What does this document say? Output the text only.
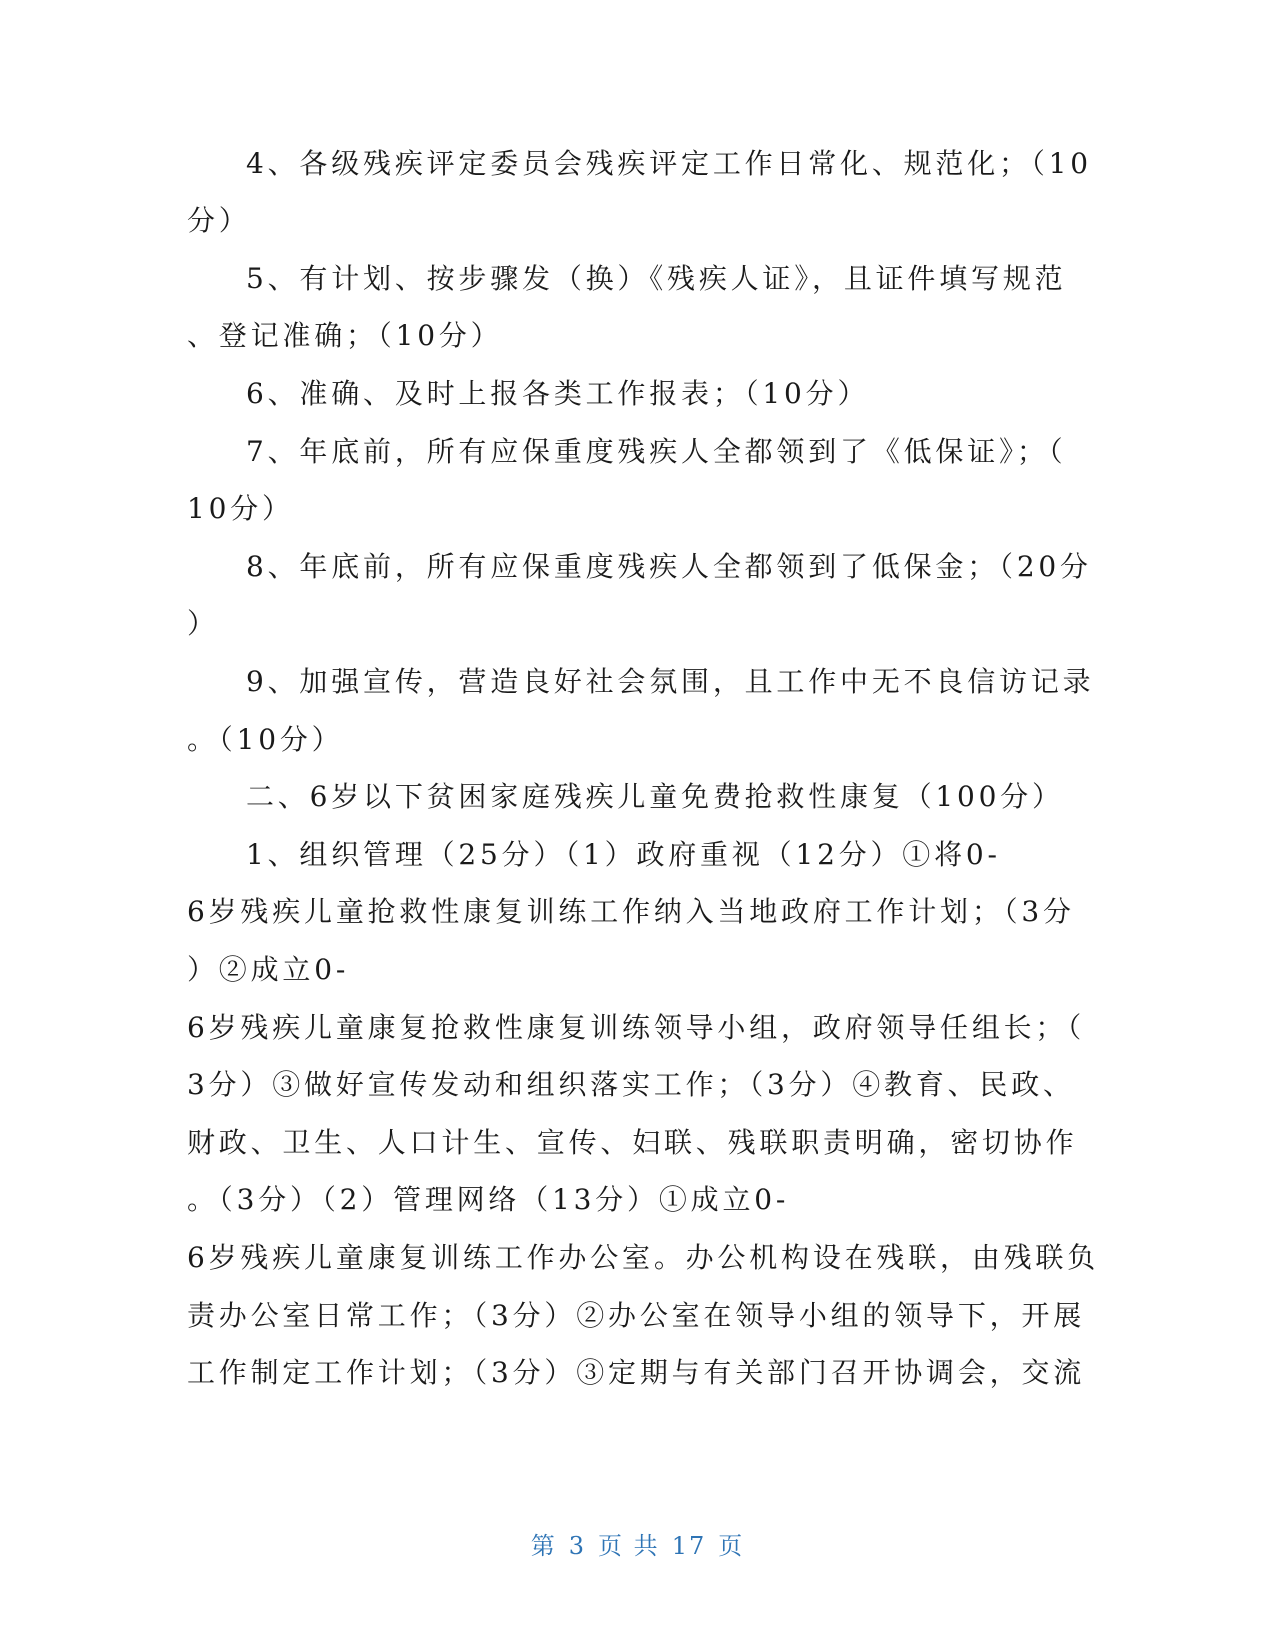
4、各级残疾评定委员会残疾评定工作日常化、规范化；（10
分）
5、有计划、按步骤发（换）《残疾人证》，且证件填写规范
、登记准确；（10分）
6、准确、及时上报各类工作报表；（10分）
7、年底前，所有应保重度残疾人全都领到了《低保证》；（
10分）
8、年底前，所有应保重度残疾人全都领到了低保金；（20分
）
9、加强宣传，营造良好社会氛围，且工作中无不良信访记录
。（10分）
二、6岁以下贫困家庭残疾儿童免费抢救性康复（100分）
1、组织管理（25分）（1）政府重视（12分）①将0-
6岁残疾儿童抢救性康复训练工作纳入当地政府工作计划；（3分
）②成立0-
6岁残疾儿童康复抢救性康复训练领导小组，政府领导任组长；（
3分）③做好宣传发动和组织落实工作；（3分）④教育、民政、
财政、卫生、人口计生、宣传、妇联、残联职责明确，密切协作
。（3分）（2）管理网络（13分）①成立0-
6岁残疾儿童康复训练工作办公室。办公机构设在残联，由残联负
责办公室日常工作；（3分）②办公室在领导小组的领导下，开展
工作制定工作计划；（3分）③定期与有关部门召开协调会，交流
第 3 页 共 17 页
